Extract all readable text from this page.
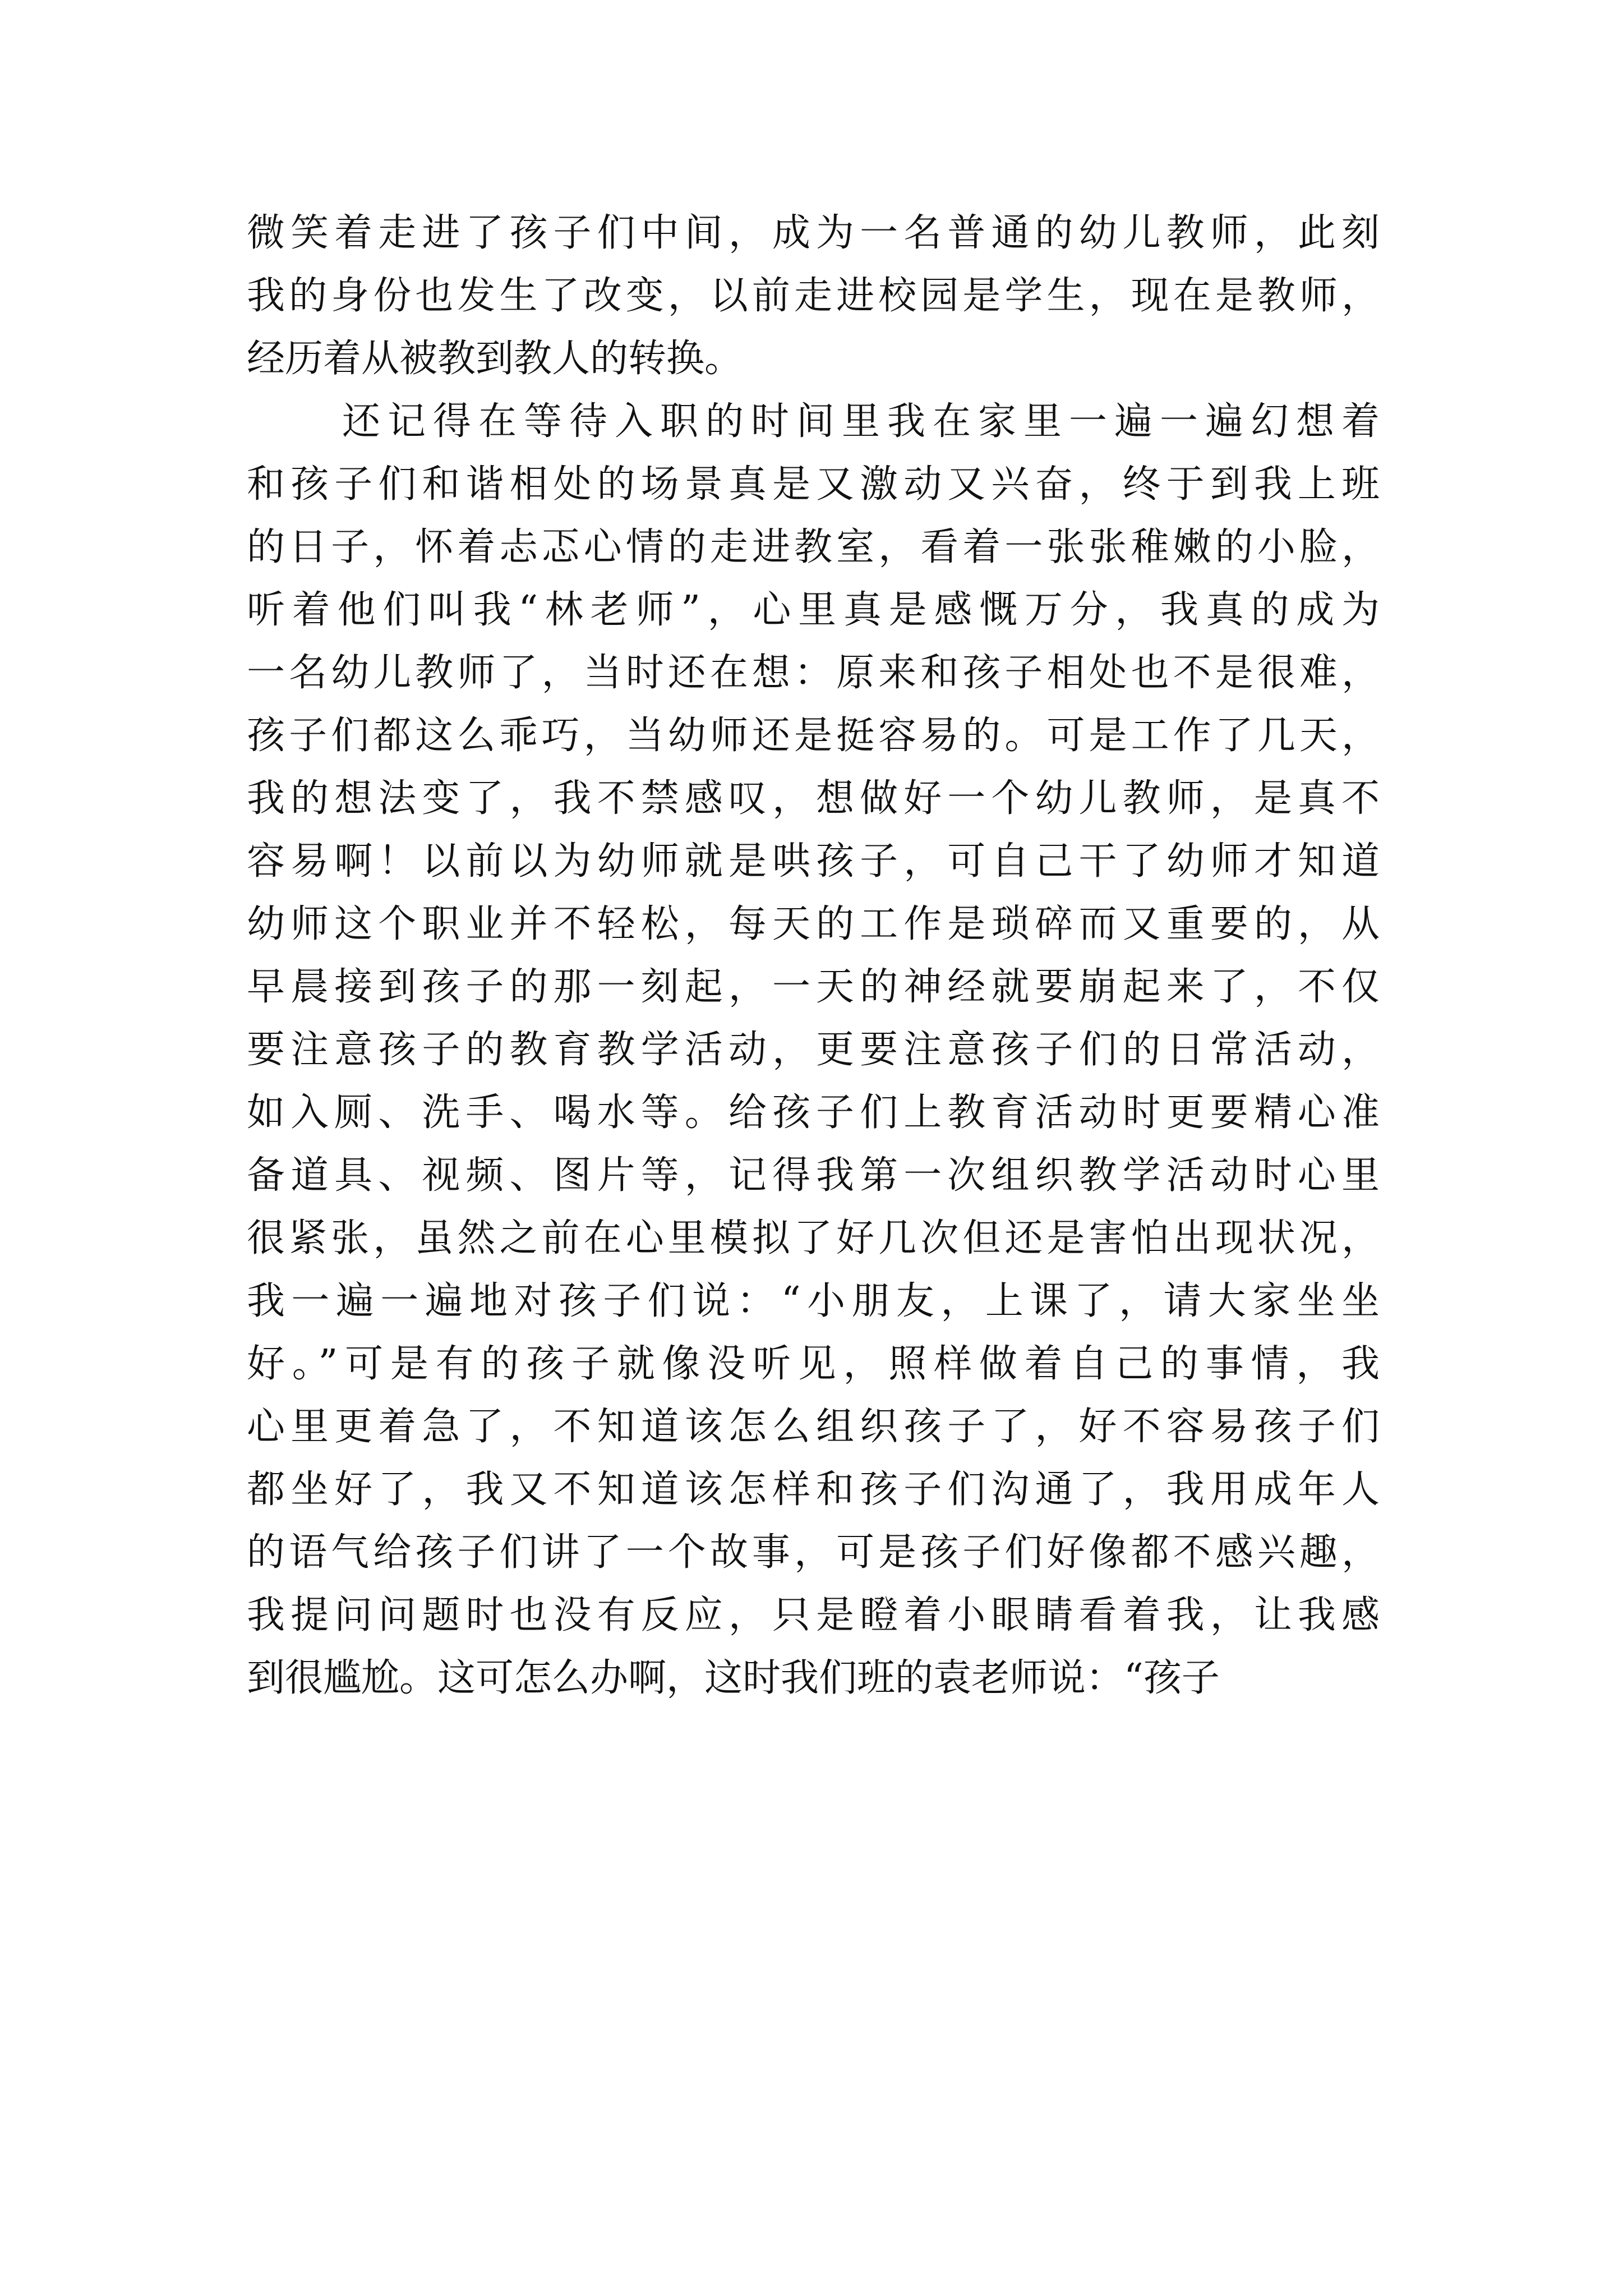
微笑着走进了孩子们中间，成为一名普通的幼儿教师，此刻
我的身份也发生了改变，以前走进校园是学生，现在是教师，
经历着从被教到教人的转换。
还记得在等待入职的时间里我在家里一遍一遍幻想着
和孩子们和谐相处的场景真是又激动又兴奋，终于到我上班
的日子，怀着忐忑心情的走进教室，看着一张张稚嫩的小脸，
听着他们叫我“林老师”，心里真是感慨万分，我真的成为
一名幼儿教师了，当时还在想：原来和孩子相处也不是很难，
孩子们都这么乖巧，当幼师还是挺容易的。可是工作了几天，
我的想法变了，我不禁感叹，想做好一个幼儿教师，是真不
容易啊！以前以为幼师就是哄孩子，可自己干了幼师才知道
幼师这个职业并不轻松，每天的工作是琐碎而又重要的，从
早晨接到孩子的那一刻起，一天的神经就要崩起来了，不仅
要注意孩子的教育教学活动，更要注意孩子们的日常活动，
如入厕、洗手、喝水等。给孩子们上教育活动时更要精心准
备道具、视频、图片等，记得我第一次组织教学活动时心里
很紧张，虽然之前在心里模拟了好几次但还是害怕出现状况，
我一遍一遍地对孩子们说：“小朋友，上课了，请大家坐坐
好。”可是有的孩子就像没听见，照样做着自己的事情，我
心里更着急了，不知道该怎么组织孩子了，好不容易孩子们
都坐好了，我又不知道该怎样和孩子们沟通了，我用成年人
的语气给孩子们讲了一个故事，可是孩子们好像都不感兴趣，
我提问问题时也没有反应，只是瞪着小眼睛看着我，让我感
到很尴尬。这可怎么办啊，这时我们班的袁老师说：“孩子
